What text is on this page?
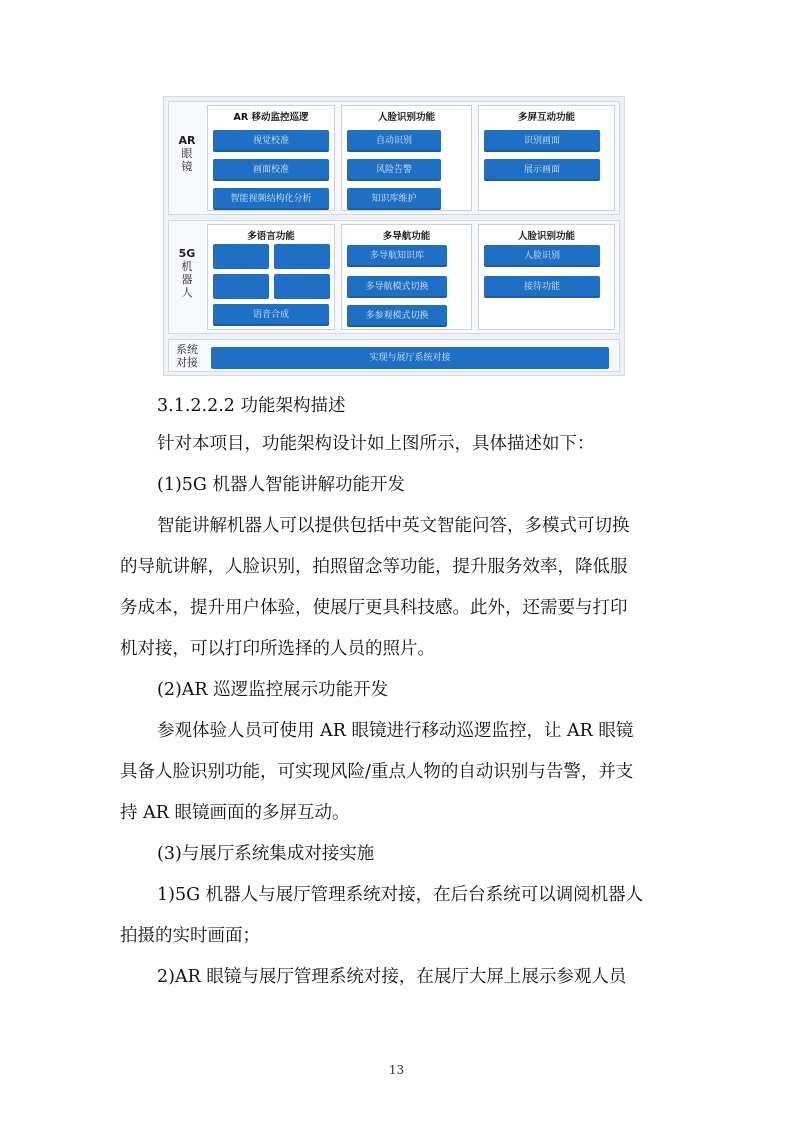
AR
眼
镜
AR 移动监控巡逻
视觉校准
画面校准
智能视频结构化分析
人脸识别功能
自动识别
风险告警
知识库维护
多屏互动功能
识别画面
展示画面
5G
机
器
人
多语言功能
语音合成
多导航功能
多导航知识库
多导航模式切换
多参观模式切换
人脸识别功能
人脸识别
接待功能
系统
对接	实现与展厅系统对接
3.1.2.2.2 功能架构描述
针对本项目，功能架构设计如上图所示，具体描述如下：
(1)5G 机器人智能讲解功能开发
智能讲解机器人可以提供包括中英文智能问答，多模式可切换
的导航讲解，人脸识别，拍照留念等功能，提升服务效率，降低服
务成本，提升用户体验，使展厅更具科技感。此外，还需要与打印
机对接，可以打印所选择的人员的照片。
(2)AR 巡逻监控展示功能开发
参观体验人员可使用 AR 眼镜进行移动巡逻监控，让 AR 眼镜
具备人脸识别功能，可实现风险/重点人物的自动识别与告警，并支
持 AR 眼镜画面的多屏互动。
(3)与展厅系统集成对接实施
1)5G 机器人与展厅管理系统对接，在后台系统可以调阅机器人
拍摄的实时画面；
2)AR 眼镜与展厅管理系统对接，在展厅大屏上展示参观人员
13
